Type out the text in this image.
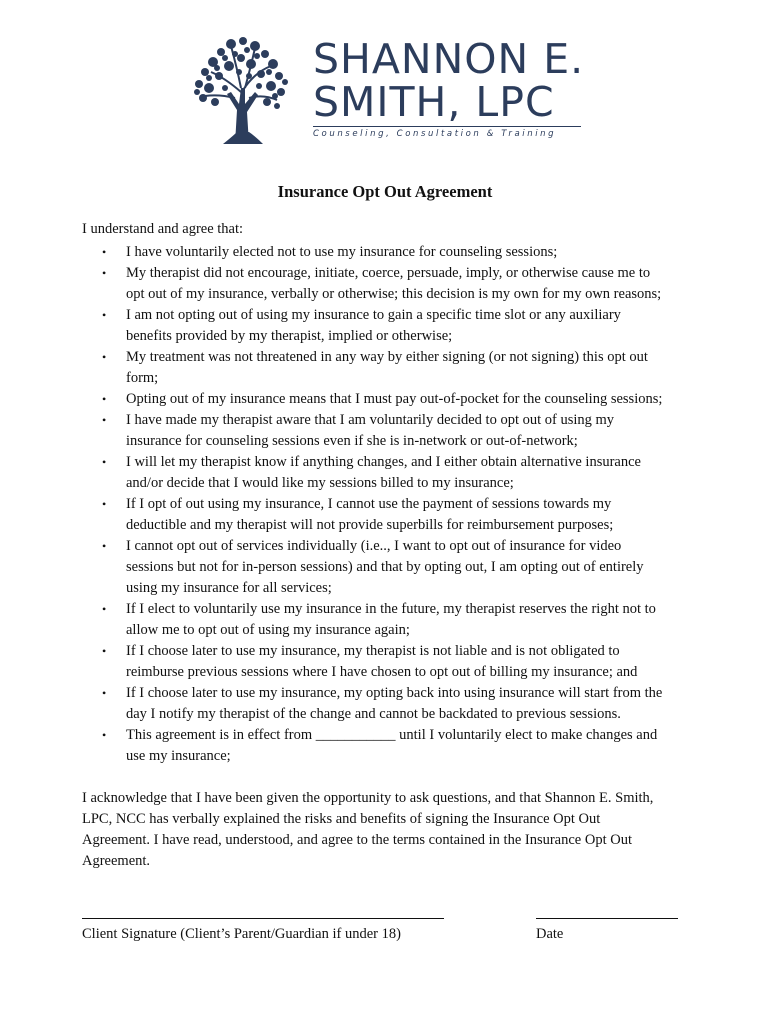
SHANNON E.
SMITH, LPC
Counseling, Consultation & Training
Insurance Opt Out Agreement
I understand and agree that:
• I have voluntarily elected not to use my insurance for counseling sessions;
• My therapist did not encourage, initiate, coerce, persuade, imply, or otherwise cause me to
opt out of my insurance, verbally or otherwise; this decision is my own for my own reasons;
• I am not opting out of using my insurance to gain a specific time slot or any auxiliary
benefits provided by my therapist, implied or otherwise;
• My treatment was not threatened in any way by either signing (or not signing) this opt out
form;
• Opting out of my insurance means that I must pay out-of-pocket for the counseling sessions;
• I have made my therapist aware that I am voluntarily decided to opt out of using my
insurance for counseling sessions even if she is in-network or out-of-network;
• I will let my therapist know if anything changes, and I either obtain alternative insurance
and/or decide that I would like my sessions billed to my insurance;
• If I opt of out using my insurance, I cannot use the payment of sessions towards my
deductible and my therapist will not provide superbills for reimbursement purposes;
• I cannot opt out of services individually (i.e.., I want to opt out of insurance for video
sessions but not for in-person sessions) and that by opting out, I am opting out of entirely
using my insurance for all services;
• If I elect to voluntarily use my insurance in the future, my therapist reserves the right not to
allow me to opt out of using my insurance again;
• If I choose later to use my insurance, my therapist is not liable and is not obligated to
reimburse previous sessions where I have chosen to opt out of billing my insurance; and
• If I choose later to use my insurance, my opting back into using insurance will start from the
day I notify my therapist of the change and cannot be backdated to previous sessions.
• This agreement is in effect from ___________ until I voluntarily elect to make changes and
use my insurance;

I acknowledge that I have been given the opportunity to ask questions, and that Shannon E. Smith,
LPC, NCC has verbally explained the risks and benefits of signing the Insurance Opt Out
Agreement. I have read, understood, and agree to the terms contained in the Insurance Opt Out
Agreement.

Client Signature (Client’s Parent/Guardian if under 18)	Date
